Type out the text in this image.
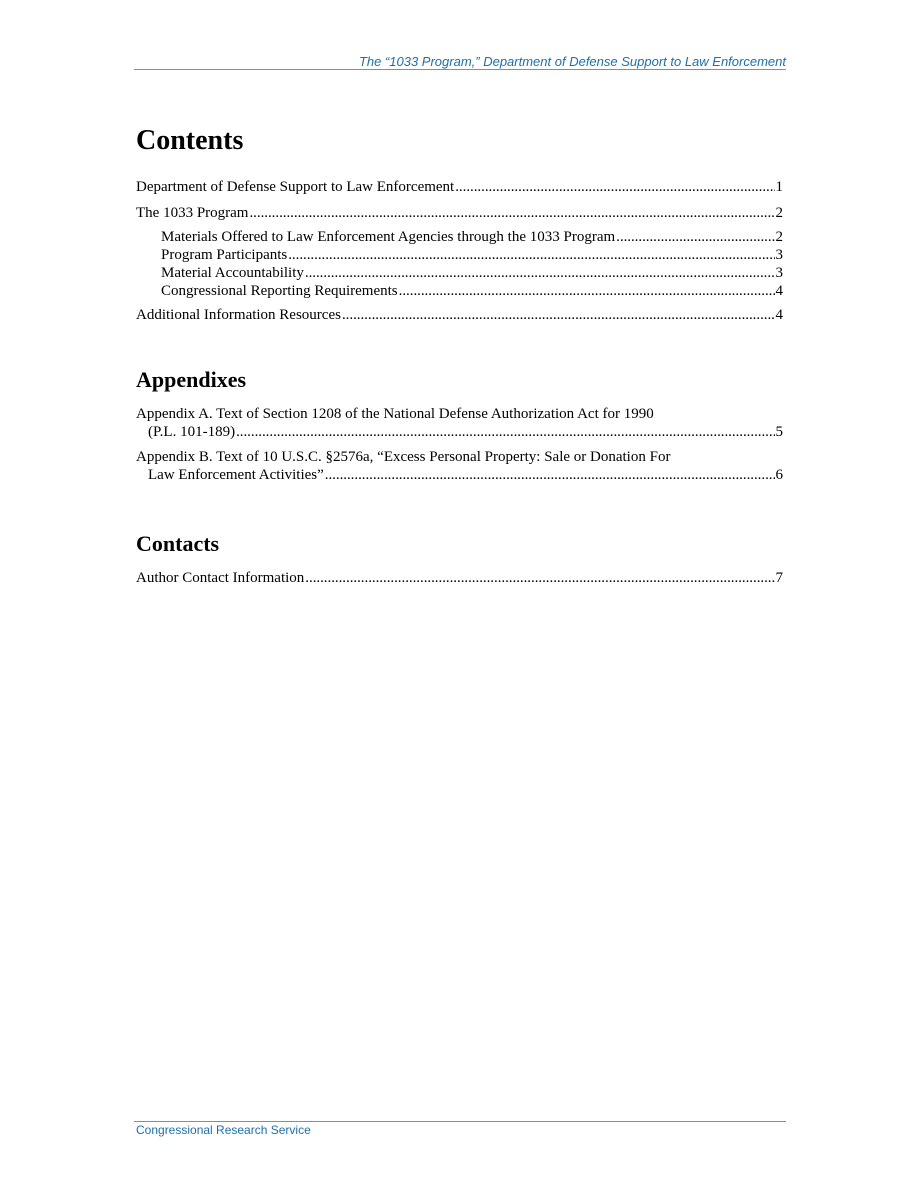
The “1033 Program,” Department of Defense Support to Law Enforcement
Contents
Department of Defense Support to Law Enforcement . . .	1
The 1033 Program . . .	2
Materials Offered to Law Enforcement Agencies through the 1033 Program . . .	2
Program Participants . . .	3
Material Accountability . . .	3
Congressional Reporting Requirements . . .	4
Additional Information Resources . . .	4
Appendixes
Appendix A. Text of Section 1208 of the National Defense Authorization Act for 1990
(P.L. 101-189) . . .	5
Appendix B. Text of 10 U.S.C. §2576a, “Excess Personal Property: Sale or Donation For
Law Enforcement Activities” . . .	6
Contacts
Author Contact Information . . .	7
Congressional Research Service
